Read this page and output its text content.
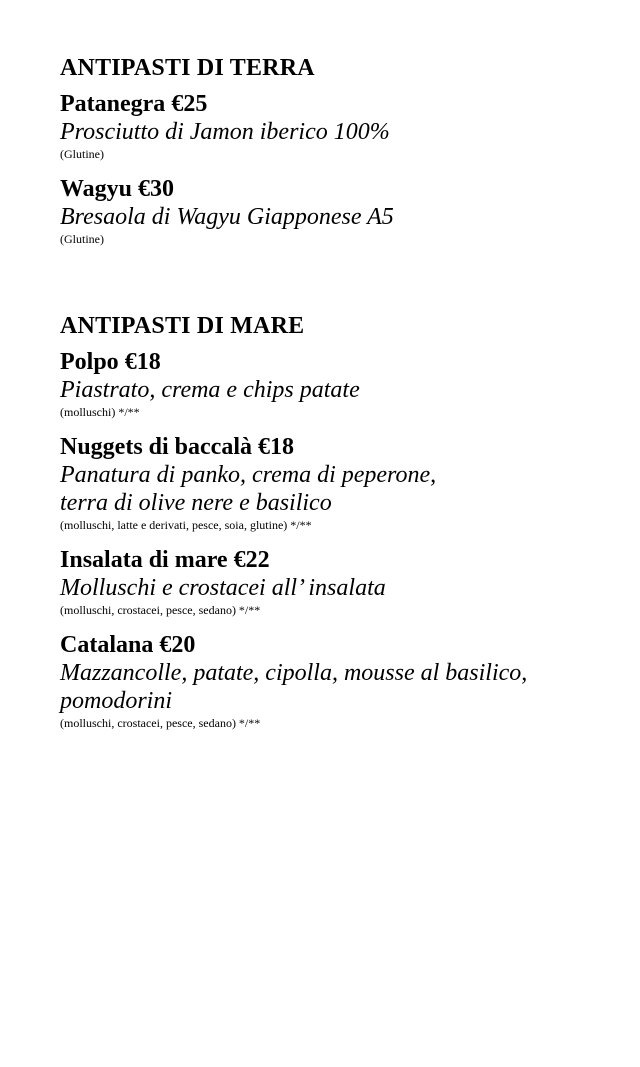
ANTIPASTI DI TERRA
Patanegra €25
Prosciutto di Jamon iberico 100%
(Glutine)
Wagyu €30
Bresaola di Wagyu Giapponese A5
(Glutine)
ANTIPASTI DI MARE
Polpo €18
Piastrato, crema e chips patate
(molluschi) */**
Nuggets di baccalà €18
Panatura di panko, crema di peperone,
terra di olive nere e basilico
(molluschi, latte e derivati, pesce, soia, glutine) */**
Insalata di mare €22
Molluschi e crostacei all’ insalata
(molluschi, crostacei, pesce, sedano) */**
Catalana €20
Mazzancolle, patate, cipolla, mousse al basilico,
pomodorini
(molluschi, crostacei, pesce, sedano) */**
